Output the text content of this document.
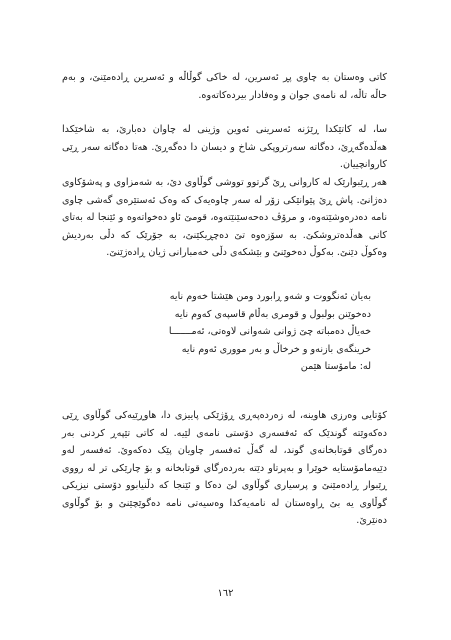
کاتی وەستان بە چاوی پڕ ئەسرین، لە خاکی گوڵاڵە و ئەسرین ڕادەمێنێ، و بەم حاڵە تاڵە، لە نامەی جوان و وەفادار بیردەکاتەوە.

سا، لە کاتێکدا ڕێژنە ئەسرینی ئەوین وژینی لە چاوان دەبارێ، بە شاخێکدا هەڵدەگەڕێ، دەگاتە سەرتروپکی شاخ و دیسان دا دەگەڕێ. هەتا دەگاتە سەر ڕێی کاروانچییان.

هەر ڕێبوارێک لە کاروانی ڕێ گرتوو تووشی گوڵاوی دێ، بە شەمزاوی و پەشۆکاوی دەژانێ. پاش ڕێ پێوانێکی زۆر لە سەر چاوەیەک کە وەک ئەستێرەی گەشی چاوی نامە دەدرەوشێتەوە، و مرۆڤ دەحەسێنێتەوە، قومێ ئاو دەخواتەوە و ئێنجا لە بەتای کانی هەڵدەتروشکێ. بە سۆزەوە تێ دەچڕیکێنێ، بە جۆرێک کە دڵی بەردیش وەکوڵ دێنێ. بەکوڵ دەخوێنێ و بێشکەی دڵی خەمبارانی ژیان ڕادەژێنێ.

بەیان ئەنگووت و شەو ڕابورد ومن هێشتا خەوم نایە
دەخوێنن بولبول و قومری بەڵام قاسپەی کەوم نایە
خەیاڵ دەمباتە چێ ژوانی شەوانی لاوەتی، ئەمـــــــا
خرینگەی بازنەو و خرخاڵ و بەر مووری ئەوم نایە
لە: مامۆستا هێمن

کۆتایی وەرزی هاوینە، لە زەردەپەڕی ڕۆژێکی پاییزی دا، هاوڕێیەکی گوڵاوی ڕێی دەکەوێتە گوندێک کە ئەفسەری دۆستی نامەی لێیە. لە کاتی تێپەڕ کردنی بەر دەرگای قوتابخانەی گوند، لە گەڵ ئەفسەر چاویان پێک دەکەوێ. ئەفسەر لەو دێیەمامۆستایە خوێرا و بەپرتاو دێتە بەردەرگای قوتابخانە و بۆ چارێکی تر لە رووی ڕێبوار ڕادەمێنێ و پرسیاری گوڵاوی لێ دەکا و ئێنجا کە دڵنیابوو دۆستی نیزیکی گوڵاوی یە بێ ڕاوەستان لە نامەیەکدا وەسیەتی نامە دەگوێچێنێ و بۆ گوڵاوی دەنێرێ.

١٦٢
